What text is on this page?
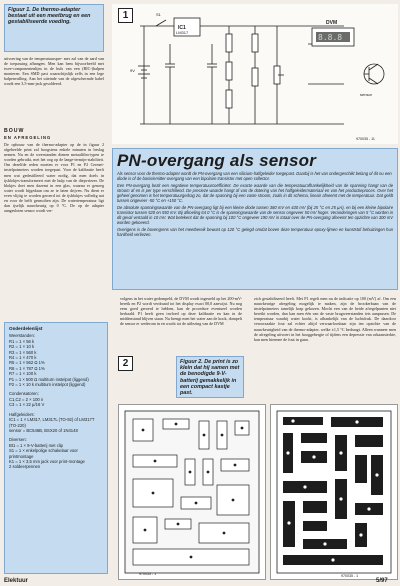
Figuur 1. De thermo-adapter bestaat uit een meetbrug en een gestabiliseerde voeding.
uitvoering van de temperatuurspre- mer zal van de aard van de toepassing afhangen. Men kan hem bijvoorbeeld met twee-componentenlijm in de huls van een (BIC-)balpen monteren. Een SMD past waarschijnlijk zelfs in een lege balpenvulling. Aan het uiteinde van de afgeschermde kabel wordt een 3,5-mm-jack gesoldeerd.
BOUW
EN AFREGELING
De opbouw van de thermo-adapter op de in figuur 2 afgebeelde print zal hoogstens enkele minuten in beslag nemen. Nu en de weerstanden dienen metaalfilm-typen te worden gebruikt, met het oog op de lange-termijn-stabiliteit. Om dezelfde reden moeten er voor P1 en P2 Cermet-instelpotmeters worden toegepast. Voor de kalibratie heeft men wat gedestilleerd water nodig, dat men doels in ijsblokjes-transformeert met de hulp van de diepvriezer. De blokjes doet men dazemt in een glas, waarna er genoeg water wordt bijgedaan om ze te laten drijven. Nu dient er even vlijtig te worden geroerd tot de ijsblokjes volledig nat en voor de helft gesmolten zijn. De watertemperatuur ligt dan ijselijk nauwkeurig op 0 °C. De op de adapter aangesloten sensor wordt ver-
1
8.8.8
IC1
LM317
DVM
sensor
9V
S1
970035 - 11
PN-overgang als sensor
Als sensor voor de thermo-adapter wordt de PN-overgang van een silicium-halfgeleider toegepast. Daarbij is het van ondergeschikt belang of dit nu een diode is of de basis/emitter-overgang van een bipolaire transistor met open collector.
Een PN-overgang bezit een negatieve temperatuurcoëfficiënt. De exacte waarde van die temperatuurafhankelijkheid van de spanning hangt van de stroom af en is per type verschillend. De precieze waarde hangt af van de dotering van het halfgeleidermateriaal en van het productieproces. Over het geheel genomen is het temperatuurgedrag zo, dat de spanning bij een vaste stroom, zoals in dit schema, lineair afneemt met de temperatuur. Dat geldt tussen ongeveer -50 °C en +150 °C.
De absolute spanningswaarde van de PN-overgang ligt bij een kleine diode tussen 380 mV en 430 mV (bij 25 °C en 25 µA), en bij een kleine bipolaire transistor tussen 520 en 550 mV. Bij afkoeling tot 0 °C is de spanningswaarde van de sensor ongeveer 50 mV hoger. Veranderingen van 5 °C worden in dit geval vertaald in 10 mV. Wat betekent dat de spanning bij 100 °C ongeveer 190 mV in totaal over de PN-overgang afneemt ten opzichte van 300 mV worden gekoeerd.
Overigens is de bovengrens van het meetbereik bewust op 120 °C gelegd omdat boven deze temperatuur epoxy-lijmen en kunststof behuizingen hun hardheid verliezen.
Onderdelenlijst
Weerstanden:
R1 = 1 × 56 k
R2 = 1 × 10 k
R3 = 1 × 560 k
R4 = 1 × 470 k
R5 = 1 × 562 Ω 1%
R6 = 1 × 787 Ω 1%
R7 = 1 × 100 k
P1 = 1 × 500 Ω multiturn instelpot (liggend)
P2 = 1 × 10 k multiturn instelpot (liggend)
Condensatoren:
C1,C2 = 2 × 100 n
C3 = 1 × 22 µ/16 V
Halfgeleiders:
IC1 = 1 × LM317, LM317L (TO-92) of LM317T (TO-220)
sensor = BC546B, BSX20 of 1N4148
Diversen:
Bt1 = 1 × 9-V-batterij met clip
S1 = 1 × enkelpolige schakelaar voor printmontage
K1 = 1 × 3,5 mm jack voor print-montage
2 soldeerpennen
volgens in het water gedompeld, de DVM wordt ingesteld op het 200-mV-bereik en P2 wordt verdraaid tot het display exact 00,0 aanwijst. Nu nog eens goed geroerd te hebben, kan de procedure eventueel worden herhaald. P1 heeft geen invloed op deze kalibratie en kan in de middenstand blijven staan. Nu brengt men het water aan de kook, dompelt de sensor er wederom in en wacht tot de uitlezing van de DVM
Figuur 2. De print is zo klein dat hij samen met de benodigde 9-V-batterij gemakkelijk in een compact kastje past.
2
zich gestabiliseerd heeft. Met P1 regelt men nu de indicatie op 100 (mV) af. Om een nauwkeurige afregeling mogelijk te maken, zijn de brookerbaan van de instelpotmeters tamelijk krap gekozen. Mocht een van de beide afregelpunten niet bereikt worden, dan kan men één van de vaste brugweerstanden iets aanpassen. De temperatuur waarbij water kookt, is afhankelijk van de luchtdruk. De daardoor veroorzaakte fout zal echter altijd verwaarloosbaar zijn ten opzichte van de nauwkeurigheid van de thermo-adapter, welke ±1,5 °C bedraagt. Alleen wanneer men de afregeling uitvoert in het hooggebergte of tijdens een depressie van orkaansterkte, kan men hiermee de fout in gaan.
970035 - 1	970035 - 1
Elektuur	5/97
